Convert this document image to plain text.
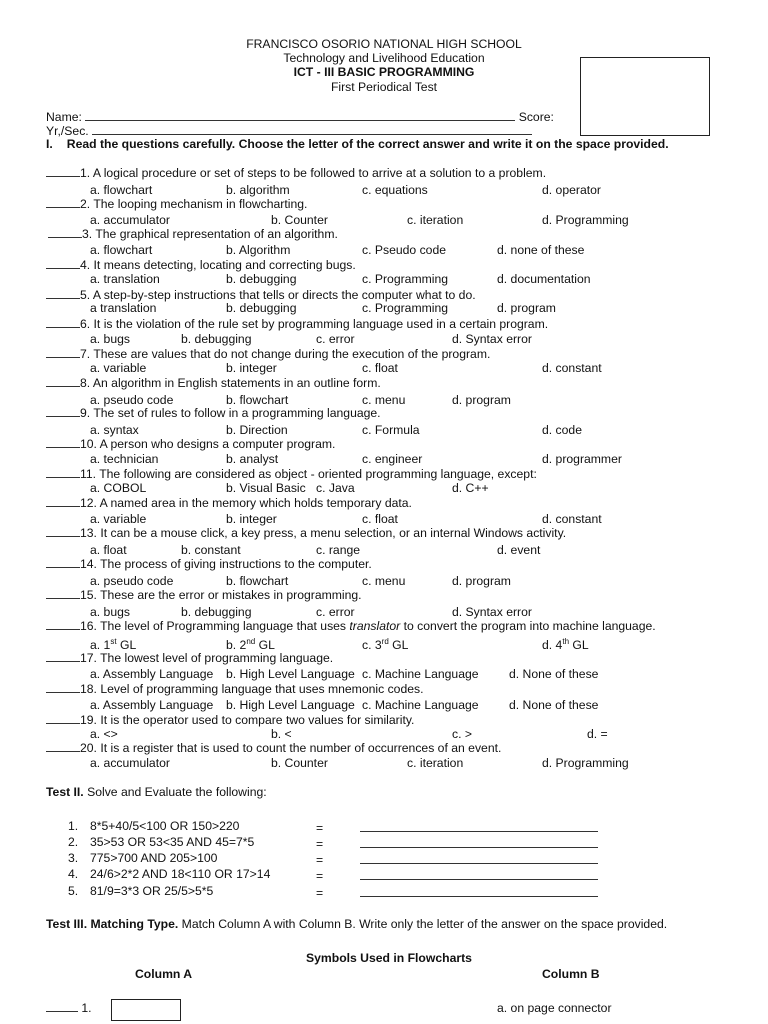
FRANCISCO OSORIO NATIONAL HIGH SCHOOL
Technology and Livelihood Education
ICT - III BASIC PROGRAMMING
First Periodical Test
Name:	Score:
Yr,/Sec.
I. Read the questions carefully. Choose the letter of the correct answer and write it on the space provided.
1. A logical procedure or set of steps to be followed to arrive at a solution to a problem.
a. flowchart	b. algorithm	c. equations	d. operator
2. The looping mechanism in flowcharting.
a. accumulator	b. Counter	c. iteration	d. Programming
3. The graphical representation of an algorithm.
a. flowchart	b. Algorithm	c. Pseudo code	d. none of these
4. It means detecting, locating and correcting bugs.
a. translation	b. debugging	c. Programming	d. documentation
5. A step-by-step instructions that tells or directs the computer what to do.
a translation	b. debugging	c. Programming	d. program
6. It is the violation of the rule set by programming language used in a certain program.
a. bugs	b. debugging	c. error	d. Syntax error
7. These are values that do not change during the execution of the program.
a. variable	b. integer	c. float	d. constant
8. An algorithm in English statements in an outline form.
a. pseudo code	b. flowchart	c. menu	d. program
9. The set of rules to follow in a programming language.
a. syntax	b. Direction	c. Formula	d. code
10. A person who designs a computer program.
a. technician	b. analyst	c. engineer	d. programmer
11. The following are considered as object - oriented programming language, except:
a. COBOL	b. Visual Basic c. Java	d. C++
12. A named area in the memory which holds temporary data.
a. variable	b. integer	c. float	d. constant
13. It can be a mouse click, a key press, a menu selection, or an internal Windows activity.
a. float	b. constant	c. range	d. event
14. The process of giving instructions to the computer.
a. pseudo code	b. flowchart	c. menu	d. program
15. These are the error or mistakes in programming.
a. bugs	b. debugging	c. error	d. Syntax error
16. The level of Programming language that uses translator to convert the program into machine language.
a. 1st GL	b. 2nd GL	c. 3rd GL	d. 4th GL
17. The lowest level of programming language.
a. Assembly Language b. High Level Language c. Machine Language d. None of these
18. Level of programming language that uses mnemonic codes.
a. Assembly Language b. High Level Language c. Machine Language d. None of these
19. It is the operator used to compare two values for similarity.
a. <>	b. <	c. >	d. =
20. It is a register that is used to count the number of occurrences of an event.
a. accumulator	b. Counter	c. iteration	d. Programming
Test II. Solve and Evaluate the following:
1. 8*5+40/5<100 OR 150>220	=
2. 35>53 OR 53<35 AND 45=7*5	=
3. 775>700 AND 205>100	=
4. 24/6>2*2 AND 18<110 OR 17>14	=
5. 81/9=3*3 OR 25/5>5*5	=
Test III. Matching Type. Match Column A with Column B. Write only the letter of the answer on the space provided.
Symbols Used in Flowcharts
Column A	Column B
1.	a. on page connector
